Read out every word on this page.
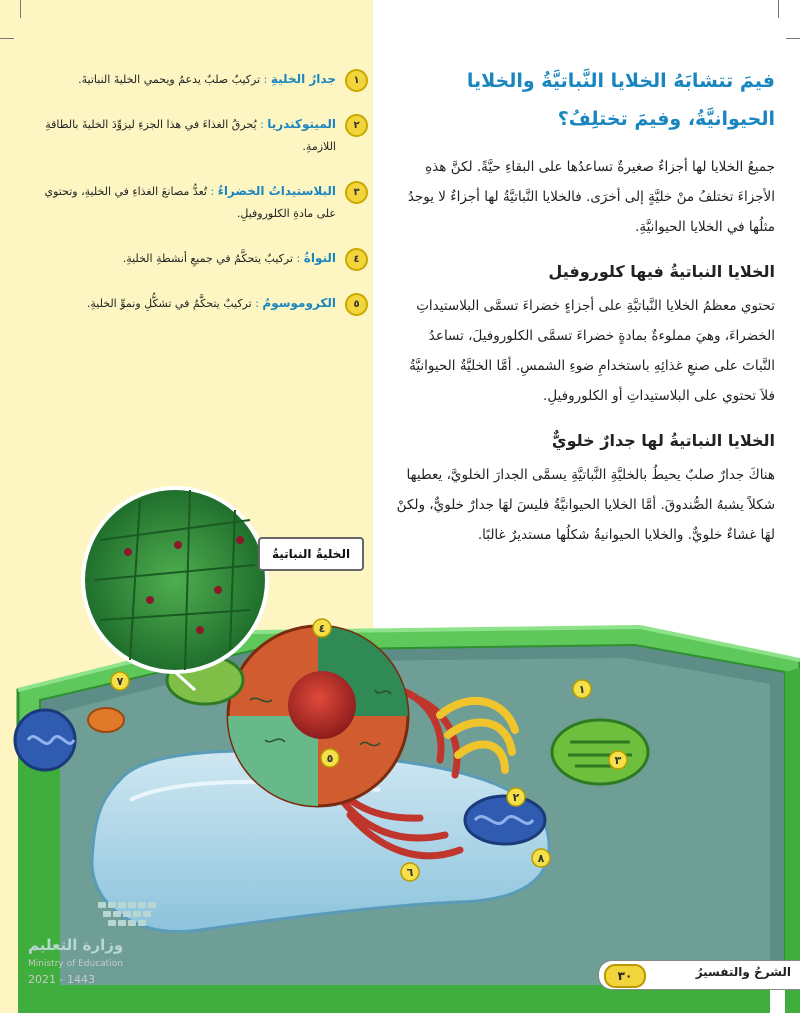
فيمَ تتشابَهُ الخلايا النَّباتيَّةُ والخلايا الحيوانيَّةُ، وفيمَ تختلِفُ؟

جميعُ الخلايا لها أجزاءٌ صغيرةٌ تساعدُها على البقاءِ حيَّةً. لكنَّ هذهِ الأجزاءَ تختلفُ منْ خليَّةٍ إلى أخرَى. فالخلايا النَّباتيَّةُ لها أجزاءٌ لا يوجدُ مثلُها في الخلايا الحيوانيَّةِ.

الخلايا النباتيةُ فيها كلوروفيل

تحتوي معظمُ الخلايا النَّباتيَّةِ على أجزاءٍ خضراءَ تسمَّى البلاستيداتِ الخضراءَ، وهيَ مملوءةٌ بمادةٍ خضراءَ تسمَّى الكلوروفيلَ، تساعدُ النَّباتَ على صنعِ غذائِهِ باستخدامِ ضوءِ الشمسِ. أمَّا الخليَّةُ الحيوانيَّةُ فلاَ تحتوي على البلاستيداتِ أو الكلوروفيلِ.

الخلايا النباتيةُ لها جدارٌ خلويٌّ

هناكَ جدارٌ صلبٌ يحيطُ بالخليَّةِ النَّباتيَّةِ يسمَّى الجدارَ الخلويَّ، يعطيها شكلاً يشبهُ الصُّندوقَ. أمَّا الخلايا الحيوانيَّةُ فليسَ لهَا جدارٌ خلويٌّ، ولكنْ لهَا غشاءٌ خلويٌّ. والخلايا الحيوانيةُ شكلُها مستديرٌ غالبًا.

١
جدارُ الخليةِ : تركيبٌ صلبٌ يدعمُ ويحمي الخليةَ النباتيةَ.
٢
الميتوكندريا : يُحرقُ الغذاءَ في هذا الجزءِ ليزوِّدَ الخليةَ بالطاقةِ اللازمةِ.
٣
البلاستيداتُ الخضراءُ : تُعدُّ مصانعَ الغذاءِ في الخليةِ، وتحتوي على مادةِ الكلوروفيلِ.
٤
النواةُ : تركيبٌ يتحكَّمُ في جميعِ أنشطةِ الخليةِ.
٥
الكروموسومُ : تركيبٌ يتحكَّمُ في تشكُّلِ ونموِّ الخليةِ.
١
٢
٣
٤
٥
٦
٧
٨
الخليةُ النباتيةُ
وزارة التعليم
Ministry of Education
2021 - 1443
الشرحُ والتفسيرُ
٣٠
